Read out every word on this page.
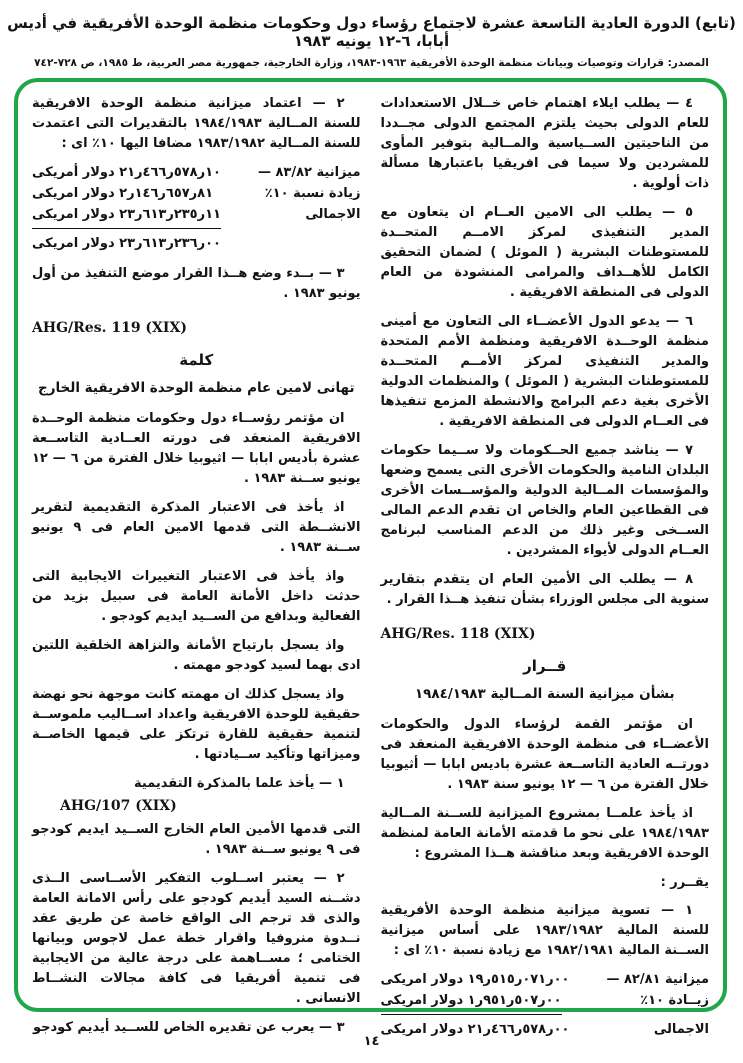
(تابع) الدورة العادية التاسعة عشرة لاجتماع رؤساء دول وحكومات منظمة الوحدة الأفريقية في أديس أبابا، ٦-١٢ يونيه ١٩٨٣
المصدر: قرارات وتوصيات وبيانات منظمة الوحدة الأفريقية ١٩٦٣-١٩٨٣، وزارة الخارجية، جمهورية مصر العربية، ط ١٩٨٥، ص ٧٢٨-٧٤٢

٤ — يطلب ايلاء اهتمام خاص خــلال الاستعدادات للعام الدولى بحيث يلتزم المجتمع الدولى مجــددا من الناحيتين الســياسية والمــالية بتوفير المأوى للمشردين ولا سيما فى افريقيا باعتبارها مسألة ذات أولوية .

٥ — يطلب الى الامين العــام ان يتعاون مع المدير التنفيذى لمركز الامــم المتحــدة للمستوطنات البشرية ( الموئل ) لضمان التحقيق الكامل للأهــداف والمرامى المنشودة من العام الدولى فى المنطقة الافريقية .

٦ — يدعو الدول الأعضــاء الى التعاون مع أمينى منظمة الوحــدة الافريقية ومنظمة الأمم المتحدة والمدير التنفيذى لمركز الأمــم المتحــدة للمستوطنات البشرية ( الموئل ) والمنظمات الدولية الأخرى بغية دعم البرامج والانشطة المزمع تنفيذها فى العــام الدولى فى المنطقة الافريقية .

٧ — يناشد جميع الحــكومات ولا ســيما حكومات البلدان النامية والحكومات الأخرى التى يسمح وضعها والمؤسسات المــالية الدولية والمؤســسات الأخرى فى القطاعين العام والخاص ان تقدم الدعم المالى الســخى وغير ذلك من الدعم المناسب لبرنامج العــام الدولى لأيواء المشردين .

٨ — يطلب الى الأمين العام ان يتقدم بتقارير سنوية الى مجلس الوزراء بشأن تنفيذ هــذا القرار .

AHG/Res. 118 (XIX)
قــرار
بشأن ميزانية السنة المــالية ١٩٨٤/١٩٨٣

ان مؤتمر القمة لرؤساء الدول والحكومات الأعضــاء فى منظمة الوحدة الافريقية المنعقد فى دورتــه العادية التاســعة عشرة باديس ابابا — أثيوبيا خلال الفترة من ٦ — ١٢ يونيو سنة ١٩٨٣ .

اذ يأخذ علمــا بمشروع الميزانية للســنة المــالية ١٩٨٤/١٩٨٣ على نحو ما قدمته الأمانة العامة لمنظمة الوحدة الافريقية وبعد مناقشة هــذا المشروع :

يقــرر :

١ — تسوية ميزانية منظمة الوحدة الأفريقية للسنة المالية ١٩٨٣/١٩٨٢ على أساس ميزانية الســنة المالية ١٩٨٢/١٩٨١ مع زيادة نسبة ١٠٪ اى :

ميزانية ٨٢/٨١ —
١٩ر٥١٥ر٠٧١ر٠٠ دولار امريكى
زيــادة ١٠٪
١ر٩٥١ر٥٠٧ر٠٠ دولار امريكى
الاجمالى
٢١ر٤٦٦ر٥٧٨ر٠٠ دولار امريكى

٢ — اعتماد ميزانية منظمة الوحدة الافريقية للسنة المــالية ١٩٨٤/١٩٨٣ بالتقديرات التى اعتمدت للسنة المــالية ١٩٨٣/١٩٨٢ مضافا اليها ١٠٪ اى :

ميزانية ٨٣/٨٢ —
٢١ر٤٦٦ر٥٧٨ر١٠ دولار أمريكى
زيادة نسبة ١٠٪
٢ر١٤٦ر٦٥٧ر٨١ دولار امريكى
الاجمالى
٢٣ر٦١٣ر٢٣٥ر١١ دولار امريكى
٢٣ر٦١٣ر٢٣٦ر٠٠ دولار امريكى

٣ — بــدء وضع هــذا القرار موضع التنفيذ من أول يونيو ١٩٨٣ .

AHG/Res. 119 (XIX)
كلمة
تهانى لامين عام منظمة الوحدة الافريقية الخارج

ان مؤتمر رؤســاء دول وحكومات منظمة الوحــدة الافريقية المنعقد فى دورته العــادية التاســعة عشرة بأديس ابابا — اثيوبيا خلال الفترة من ٦ — ١٢ يونيو ســنة ١٩٨٣ .

اذ يأخذ فى الاعتبار المذكرة التقديمية لتقرير الانشــطة التى قدمها الامين العام فى ٩ يونيو ســنة ١٩٨٣ .

واذ يأخذ فى الاعتبار التغييرات الايجابية التى حدثت داخل الأمانة العامة فى سبيل بزيد من الفعالية وبدافع من الســيد ايديم كودجو .

واذ يسجل بارتياح الأمانة والنزاهة الخلقية اللتين ادى بهما لسيد كودجو مهمته .

واذ يسجل كذلك ان مهمته كانت موجهة نحو نهضة حقيقية للوحدة الافريقية واعداد اســاليب ملموســة لتنمية حقيقية للقارة ترتكز على قيمها الخاصــة وميزاتها وتأكيد ســيادتها .

١ — يأخذ علما بالمذكرة التقديمية
AHG/107 (XIX)

التى قدمها الأمين العام الخارج الســيد ايديم كودجو فى ٩ يونيو ســنة ١٩٨٣ .

٢ — يعتبر اســلوب التفكير الأســاسى الــذى دشــنه السيد أيديم كودجو على رأس الامانة العامة والذى قد ترجم الى الواقع خاصة عن طريق عقد نــدوة منروفيا واقرار خطة عمل لاجوس وبيانها الختامى ؛ مســاهمة على درجة عالية من الايجابية فى تنمية أفريقيا فى كافة مجالات النشــاط الانسانى .

٣ — يعرب عن تقديره الخاص للســيد أيديم كودجو

١٤
